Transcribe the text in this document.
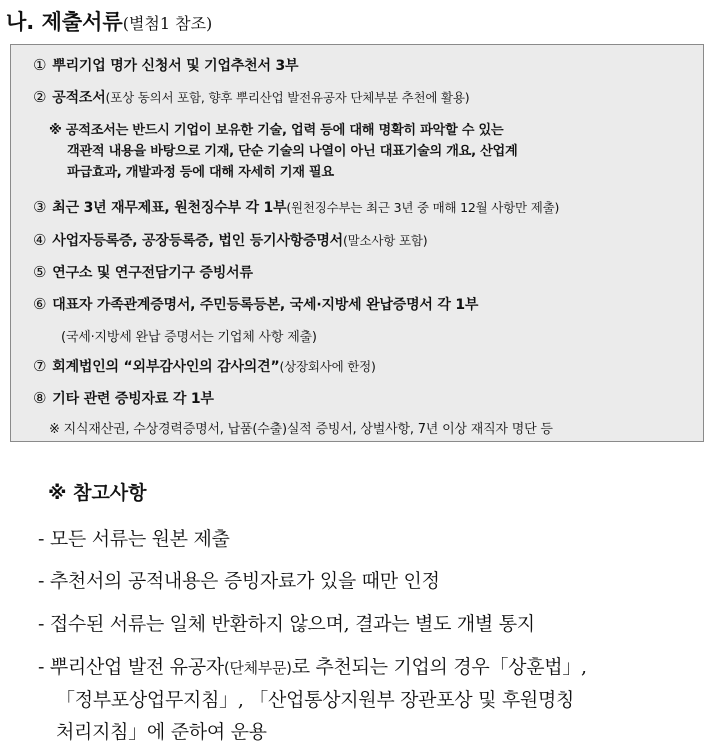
나. 제출서류(별첨1 참조)
① 뿌리기업 명가 신청서 및 기업추천서 3부
② 공적조서(포상 동의서 포함, 향후 뿌리산업 발전유공자 단체부분 추천에 활용)
※ 공적조서는 반드시 기업이 보유한 기술, 업력 등에 대해 명확히 파악할 수 있는
객관적 내용을 바탕으로 기재, 단순 기술의 나열이 아닌 대표기술의 개요, 산업계
파급효과, 개발과정 등에 대해 자세히 기재 필요
③ 최근 3년 재무제표, 원천징수부 각 1부(원천징수부는 최근 3년 중 매해 12월 사항만 제출)
④ 사업자등록증, 공장등록증, 법인 등기사항증명서(말소사항 포함)
⑤ 연구소 및 연구전담기구 증빙서류
⑥ 대표자 가족관계증명서, 주민등록등본, 국세·지방세 완납증명서 각 1부
(국세·지방세 완납 증명서는 기업체 사항 제출)
⑦ 회계법인의 “외부감사인의 감사의견”(상장회사에 한정)
⑧ 기타 관련 증빙자료 각 1부
※ 지식재산권, 수상경력증명서, 납품(수출)실적 증빙서, 상벌사항, 7년 이상 재직자 명단 등
※ 참고사항
- 모든 서류는 원본 제출
- 추천서의 공적내용은 증빙자료가 있을 때만 인정
- 접수된 서류는 일체 반환하지 않으며, 결과는 별도 개별 통지
- 뿌리산업 발전 유공자(단체부문)로 추천되는 기업의 경우「상훈법」,
「정부포상업무지침」, 「산업통상지원부 장관포상 및 후원명칭
처리지침」에 준하여 운용
